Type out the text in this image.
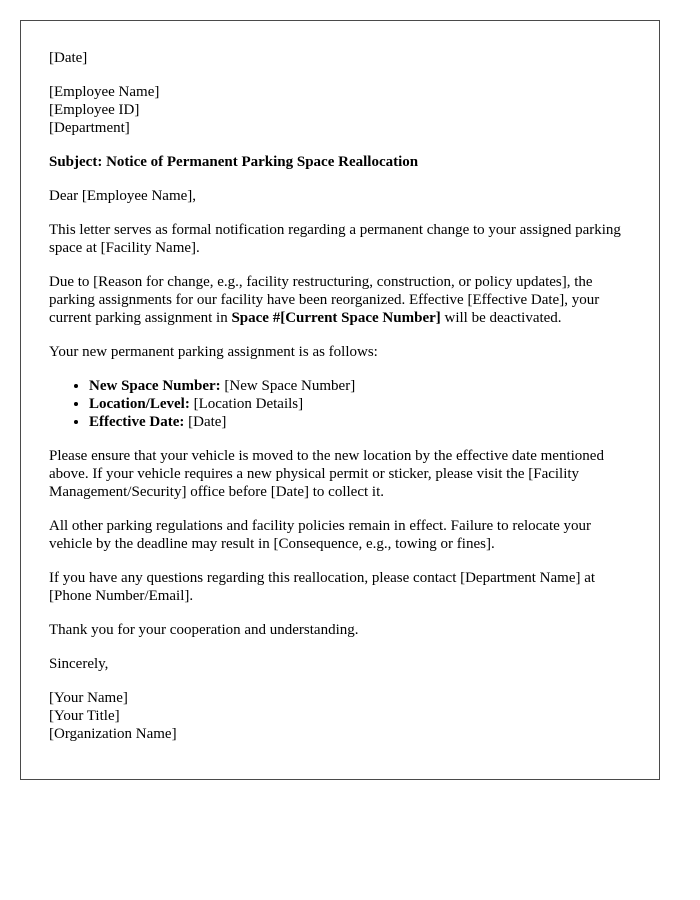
[Date]

[Employee Name]
[Employee ID]
[Department]

Subject: Notice of Permanent Parking Space Reallocation

Dear [Employee Name],

This letter serves as formal notification regarding a permanent change to your assigned parking space at [Facility Name].

Due to [Reason for change, e.g., facility restructuring, construction, or policy updates], the parking assignments for our facility have been reorganized. Effective [Effective Date], your current parking assignment in Space #[Current Space Number] will be deactivated.

Your new permanent parking assignment is as follows:

• New Space Number: [New Space Number]
• Location/Level: [Location Details]
• Effective Date: [Date]

Please ensure that your vehicle is moved to the new location by the effective date mentioned above. If your vehicle requires a new physical permit or sticker, please visit the [Facility Management/Security] office before [Date] to collect it.

All other parking regulations and facility policies remain in effect. Failure to relocate your vehicle by the deadline may result in [Consequence, e.g., towing or fines].

If you have any questions regarding this reallocation, please contact [Department Name] at [Phone Number/Email].

Thank you for your cooperation and understanding.

Sincerely,

[Your Name]
[Your Title]
[Organization Name]
